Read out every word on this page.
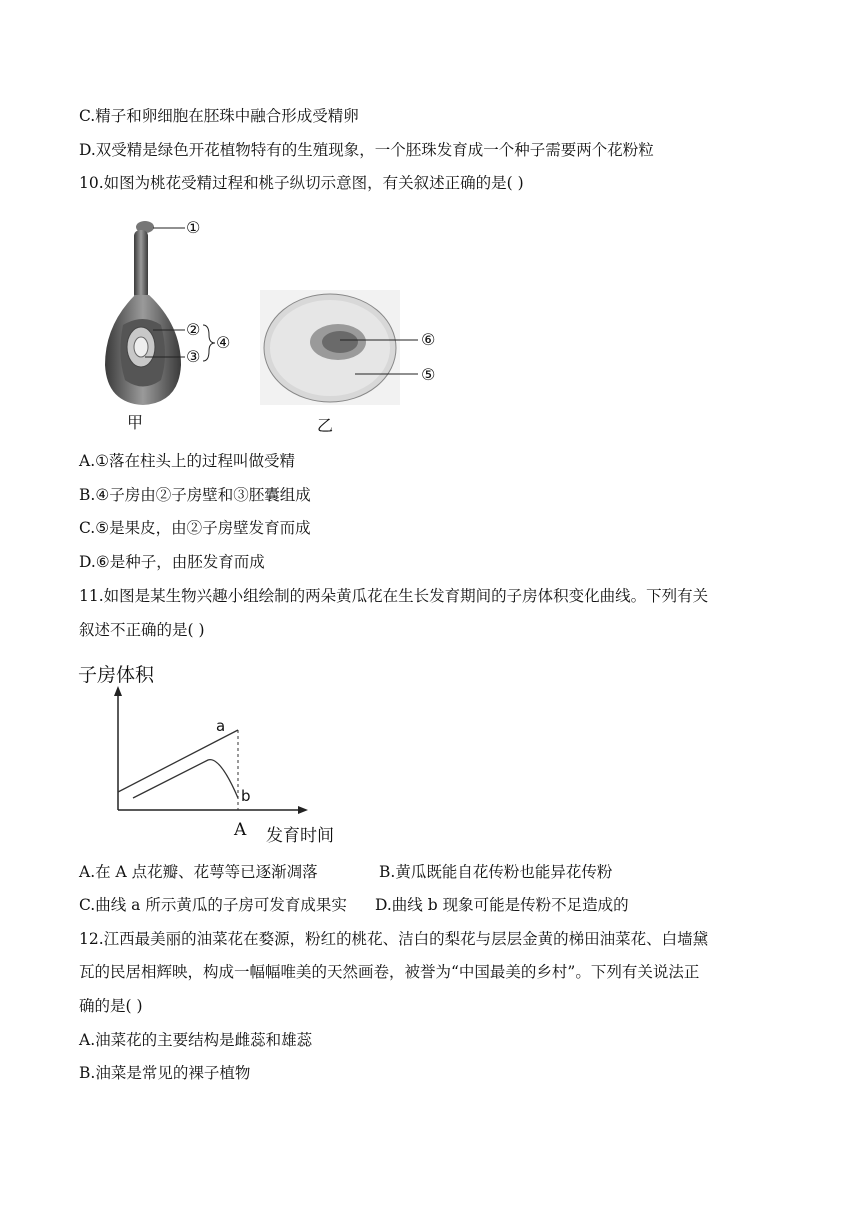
C.精子和卵细胞在胚珠中融合形成受精卵
D.双受精是绿色开花植物特有的生殖现象，一个胚珠发育成一个种子需要两个花粉粒
10.如图为桃花受精过程和桃子纵切示意图，有关叙述正确的是( )
①
②
③
④
甲
⑥
⑤
乙
A.①落在柱头上的过程叫做受精
B.④子房由②子房壁和③胚囊组成
C.⑤是果皮，由②子房壁发育而成
D.⑥是种子，由胚发育而成
11.如图是某生物兴趣小组绘制的两朵黄瓜花在生长发育期间的子房体积变化曲线。下列有关
叙述不正确的是( )
子房体积
a
b
A 发育时间
A.在 A 点花瓣、花萼等已逐渐凋落	B.黄瓜既能自花传粉也能异花传粉
C.曲线 a 所示黄瓜的子房可发育成果实 D.曲线 b 现象可能是传粉不足造成的
12.江西最美丽的油菜花在婺源，粉红的桃花、洁白的梨花与层层金黄的梯田油菜花、白墙黛
瓦的民居相辉映，构成一幅幅唯美的天然画卷，被誉为“中国最美的乡村”。下列有关说法正
确的是( )
A.油菜花的主要结构是雌蕊和雄蕊
B.油菜是常见的裸子植物
